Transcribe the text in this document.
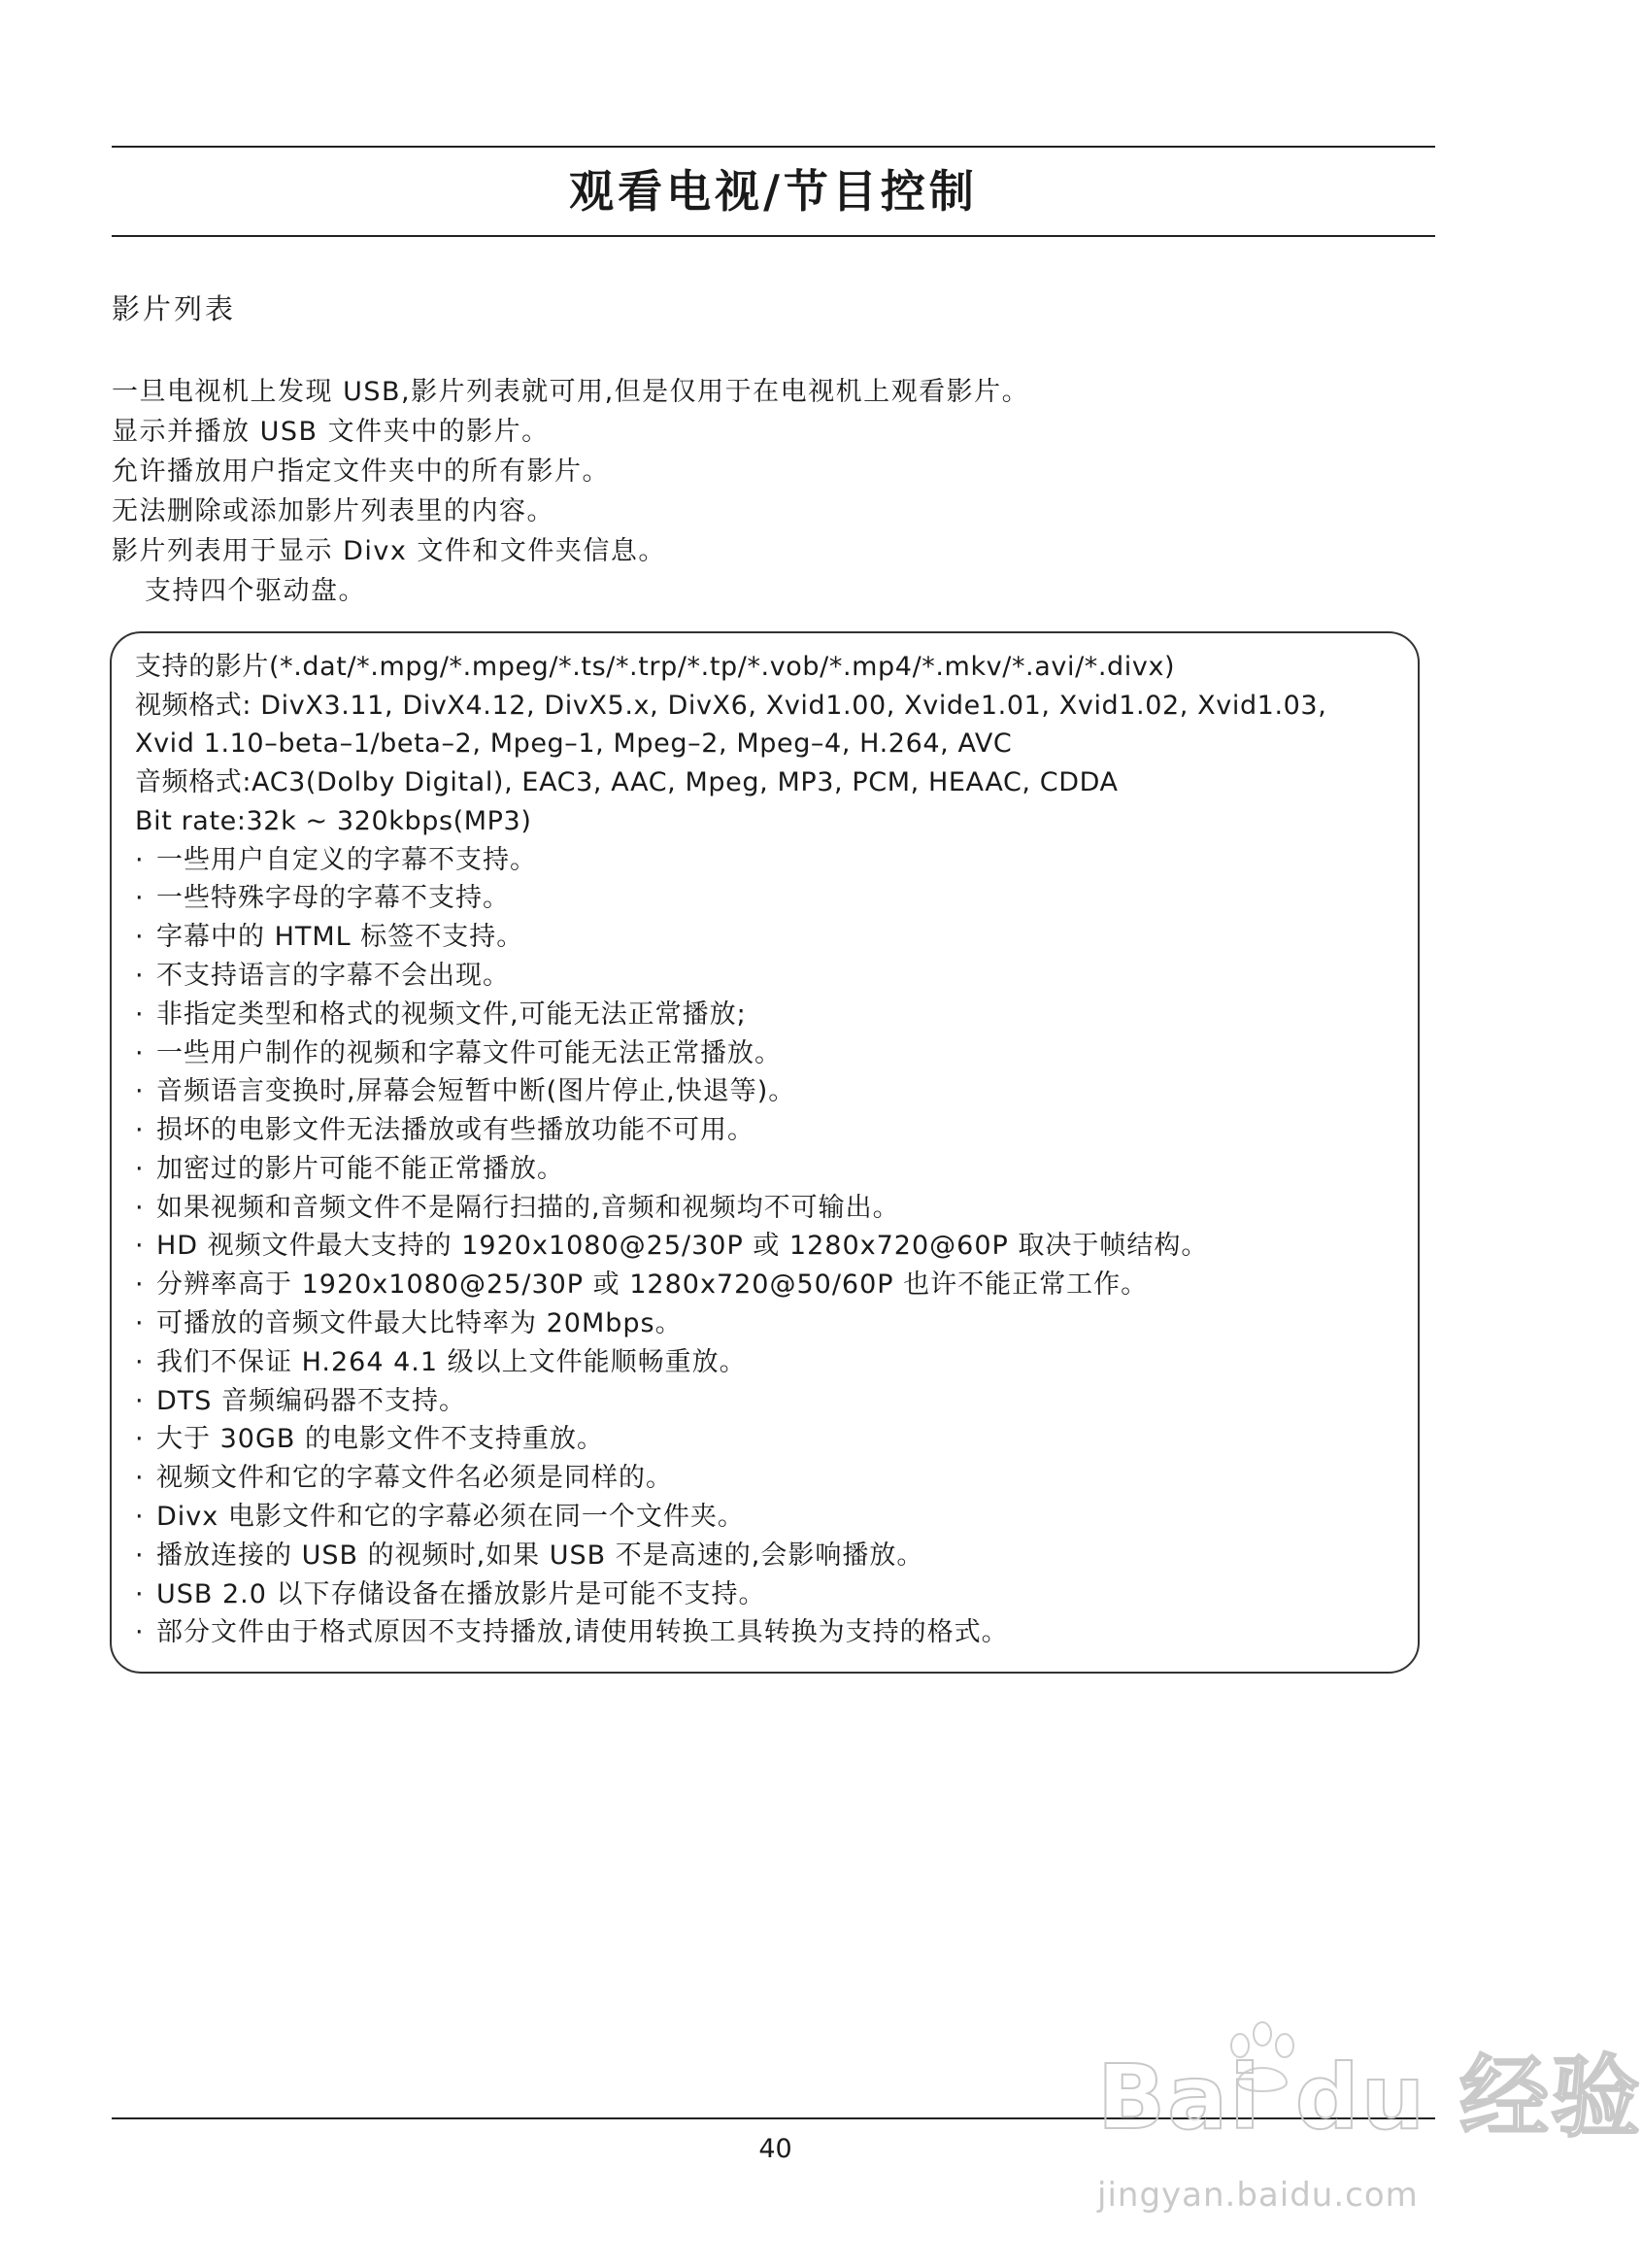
观看电视/节目控制
影片列表

一旦电视机上发现 USB,影片列表就可用,但是仅用于在电视机上观看影片。

显示并播放 USB 文件夹中的影片。

允许播放用户指定文件夹中的所有影片。

无法删除或添加影片列表里的内容。

影片列表用于显示 Divx 文件和文件夹信息。

支持四个驱动盘。

支持的影片(*.dat/*.mpg/*.mpeg/*.ts/*.trp/*.tp/*.vob/*.mp4/*.mkv/*.avi/*.divx)

视频格式: DivX3.11, DivX4.12, DivX5.x, DivX6, Xvid1.00, Xvide1.01, Xvid1.02, Xvid1.03,

Xvid 1.10–beta–1/beta–2, Mpeg–1, Mpeg–2, Mpeg–4, H.264, AVC

音频格式:AC3(Dolby Digital), EAC3, AAC, Mpeg, MP3, PCM, HEAAC, CDDA

Bit rate:32k ~ 320kbps(MP3)

· 一些用户自定义的字幕不支持。
· 一些特殊字母的字幕不支持。
· 字幕中的 HTML 标签不支持。
· 不支持语言的字幕不会出现。
· 非指定类型和格式的视频文件,可能无法正常播放;
· 一些用户制作的视频和字幕文件可能无法正常播放。
· 音频语言变换时,屏幕会短暂中断(图片停止,快退等)。
· 损坏的电影文件无法播放或有些播放功能不可用。
· 加密过的影片可能不能正常播放。
· 如果视频和音频文件不是隔行扫描的,音频和视频均不可输出。
· HD 视频文件最大支持的 1920x1080@25/30P 或 1280x720@60P 取决于帧结构。
· 分辨率高于 1920x1080@25/30P 或 1280x720@50/60P 也许不能正常工作。
· 可播放的音频文件最大比特率为 20Mbps。
· 我们不保证 H.264 4.1 级以上文件能顺畅重放。
· DTS 音频编码器不支持。
· 大于 30GB 的电影文件不支持重放。
· 视频文件和它的字幕文件名必须是同样的。
· Divx 电影文件和它的字幕必须在同一个文件夹。
· 播放连接的 USB 的视频时,如果 USB 不是高速的,会影响播放。
· USB 2.0 以下存储设备在播放影片是可能不支持。
· 部分文件由于格式原因不支持播放,请使用转换工具转换为支持的格式。

40	Bai du 经验
jingyan.baidu.com
